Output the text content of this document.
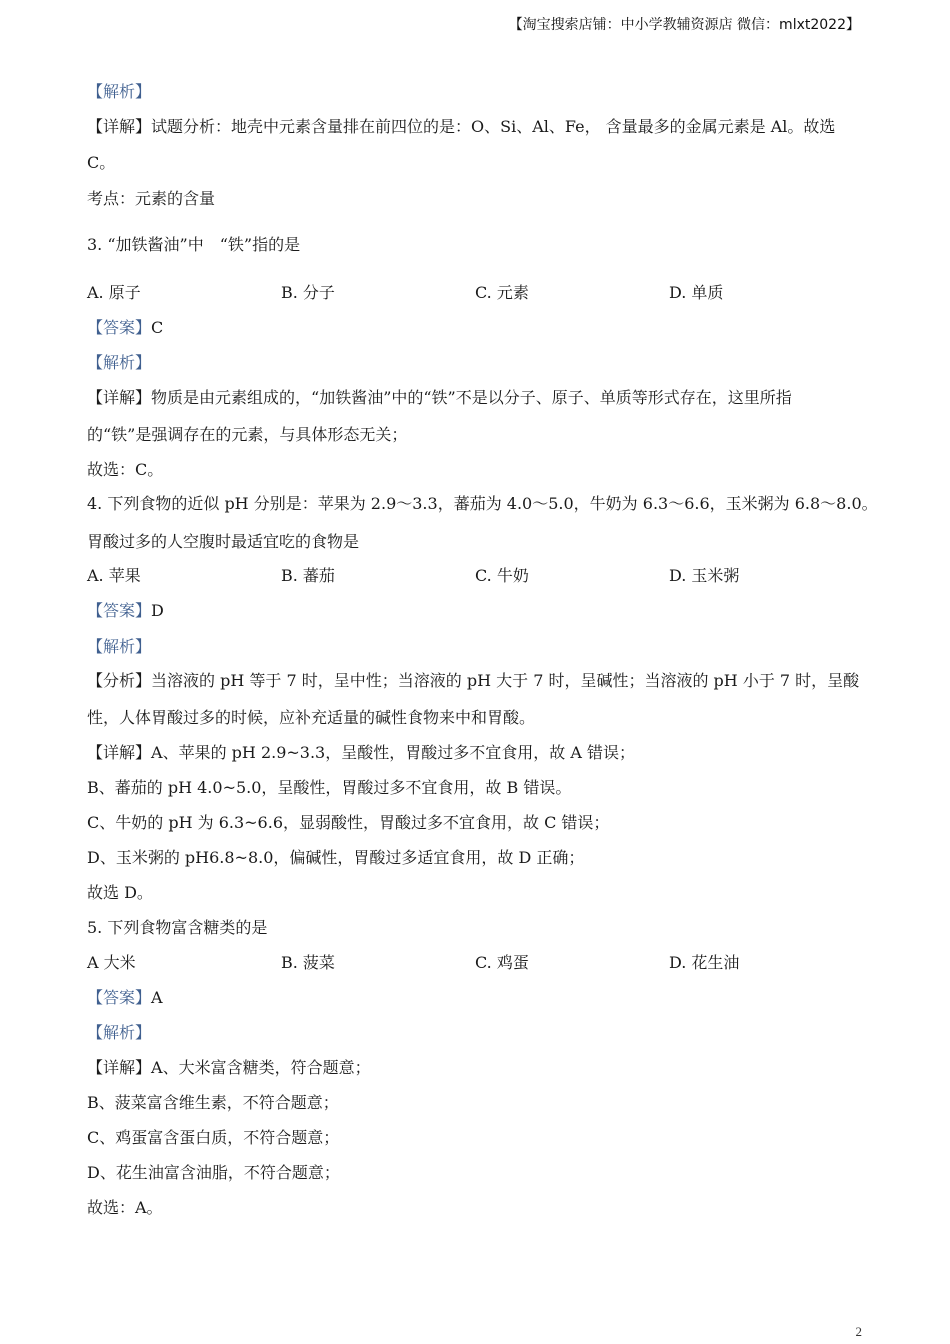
【淘宝搜索店铺：中小学教辅资源店 微信：mlxt2022】
【解析】
【详解】试题分析：地壳中元素含量排在前四位的是：O、Si、Al、Fe， 含量最多的金属元素是 Al。故选
C。
考点：元素的含量
3. “加铁酱油”中　“铁”指的是
A. 原子	B. 分子	C. 元素	D. 单质
【答案】C
【解析】
【详解】物质是由元素组成的，“加铁酱油”中的“铁”不是以分子、原子、单质等形式存在，这里所指
的“铁”是强调存在的元素，与具体形态无关；
故选：C。
4. 下列食物的近似 pH 分别是：苹果为 2.9～3.3，蕃茄为 4.0～5.0，牛奶为 6.3～6.6，玉米粥为 6.8～8.0。
胃酸过多的人空腹时最适宜吃的食物是
A. 苹果	B. 蕃茄	C. 牛奶	D. 玉米粥
【答案】D
【解析】
【分析】当溶液的 pH 等于 7 时，呈中性；当溶液的 pH 大于 7 时，呈碱性；当溶液的 pH 小于 7 时，呈酸
性，人体胃酸过多的时候，应补充适量的碱性食物来中和胃酸。
【详解】A、苹果的 pH 2.9~3.3，呈酸性，胃酸过多不宜食用，故 A 错误；
B、蕃茄的 pH 4.0~5.0，呈酸性，胃酸过多不宜食用，故 B 错误。
C、牛奶的 pH 为 6.3~6.6，显弱酸性，胃酸过多不宜食用，故 C 错误；
D、玉米粥的 pH6.8~8.0，偏碱性，胃酸过多适宜食用，故 D 正确；
故选 D。
5. 下列食物富含糖类的是
A 大米	B. 菠菜	C. 鸡蛋	D. 花生油
【答案】A
【解析】
【详解】A、大米富含糖类，符合题意；
B、菠菜富含维生素，不符合题意；
C、鸡蛋富含蛋白质，不符合题意；
D、花生油富含油脂，不符合题意；
故选：A。
2
